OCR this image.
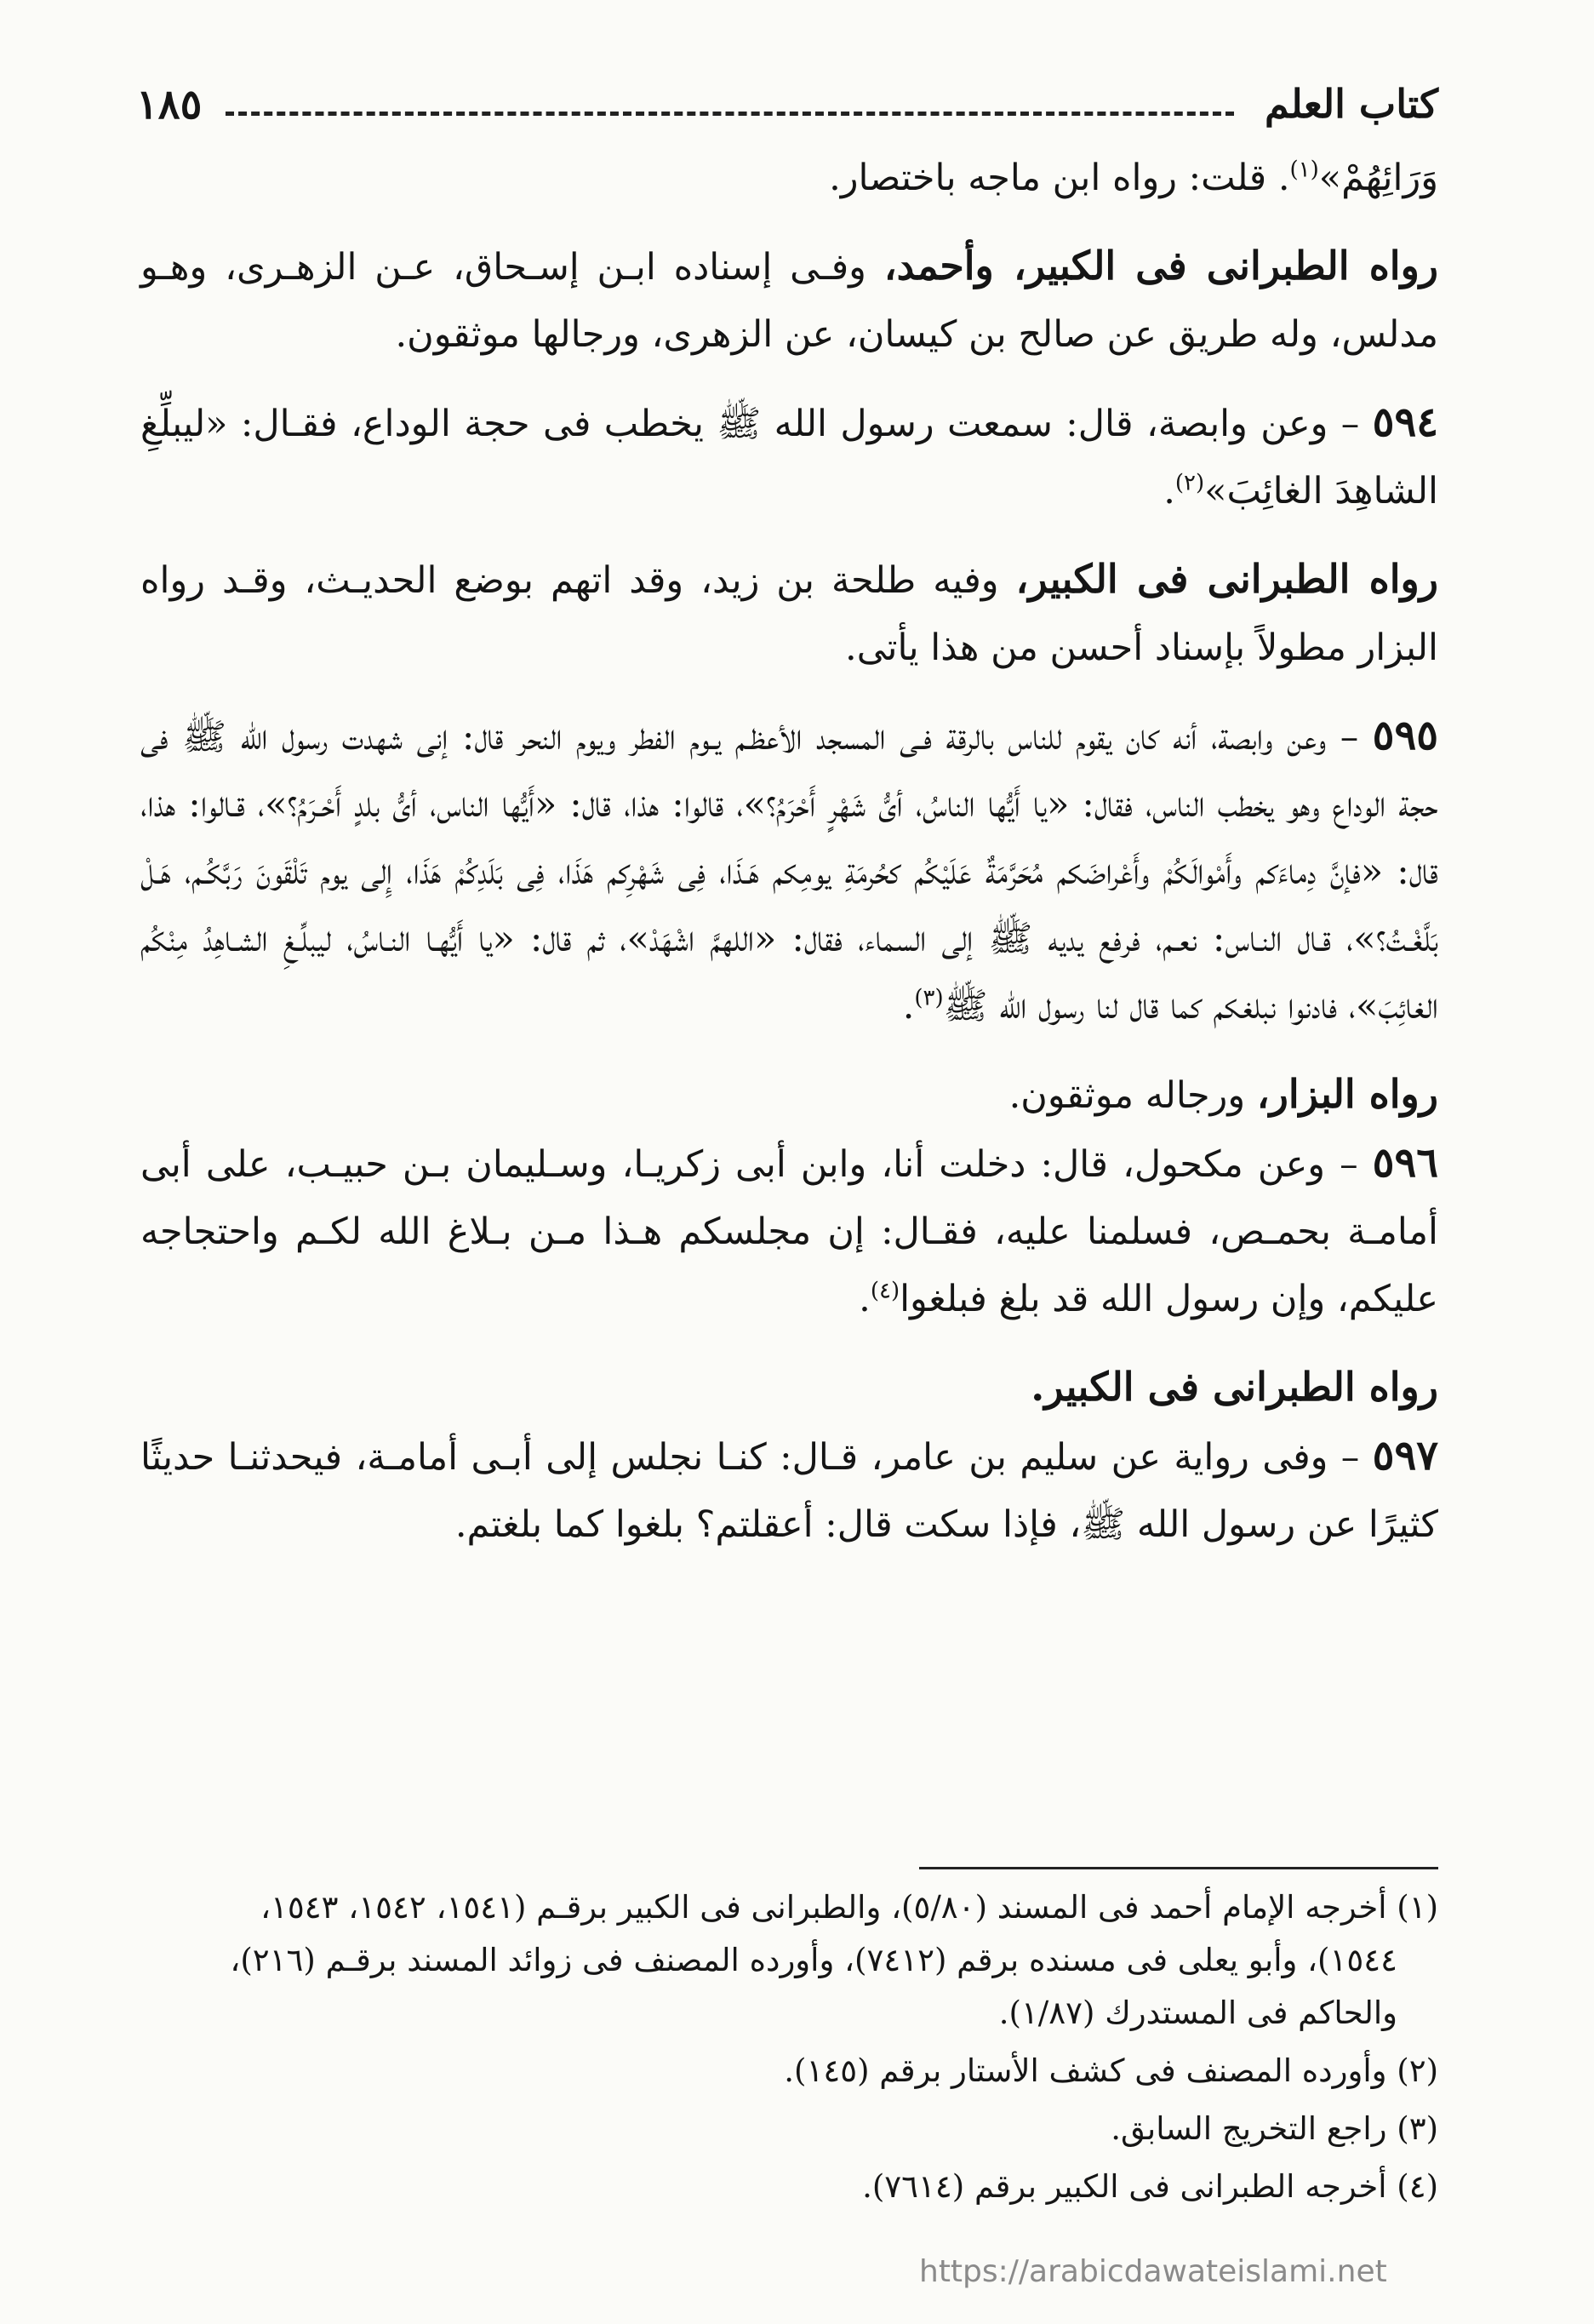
كتاب العلم
١٨٥

وَرَائِهُمْ»$^{(١)}$. قلت: رواه ابن ماجه باختصار.

رواه الطبرانى فى الكبير، وأحمد، وفـى إسناده ابـن إسـحاق، عـن الزهـرى، وهـو مدلس، وله طريق عن صالح بن كيسان، عن الزهرى، ورجالها موثقون.

٥٩٤ – وعن وابصة، قال: سمعت رسول الله ﷺ يخطب فى حجة الوداع، فقـال: «ليبلِّغِ الشاهِدَ الغائِبَ»$^{(٢)}$.

رواه الطبرانى فى الكبير، وفيه طلحة بن زيد، وقد اتهم بوضع الحديـث، وقـد رواه البزار مطولاً بإسناد أحسن من هذا يأتى.

٥٩٥ – وعن وابصة، أنه كان يقوم للناس بالرقة فـى المسجد الأعظـم يـوم الفطر ويوم النحر قال: إنى شهدت رسول الله ﷺ فى حجة الوداع وهو يخطب الناس، فقال: «يا أَيُّها الناسُ، أىُّ شَهْرٍ أَحْرَمُ؟»، قالوا: هذا، قال: «أَيُّها الناس، أىُّ بلدٍ أَحْـرَمُ؟»، قـالوا: هذا، قال: «فإنَّ دِماءَكم وأَمْوالَكُمْ وأَعْراضَكم مُحَرَّمَةٌ عَلَيْكُم كحُرمَةِ يومِكم هَـذَا، فِى شَهْرِكم هَذَا، فِى بَلَدِكُمْ هَذَا، إِلى يوم تَلْقَونَ رَبَّكُـم، هَـلْ بَلَّغْـتُ؟»، قـال النـاس: نعـم، فرفع يديه ﷺ إلى السماء، فقال: «اللهمَّ اشْهَدْ»، ثم قال: «يا أَيُّهـا النـاسُ، ليبلِّـغِ الشـاهِدُ مِنْكُم الغائِبَ»، فادنوا نبلغكم كما قال لنا رسول الله ﷺ$^{(٣)}$.

رواه البزار، ورجاله موثقون.

٥٩٦ – وعن مكحول، قال: دخلت أنا، وابن أبى زكريـا، وسـليمان بـن حبيـب، على أبى أمامـة بحمـص، فسلمنا عليه، فقـال: إن مجلسكم هـذا مـن بـلاغ الله لكـم واحتجاجه عليكم، وإن رسول الله قد بلغ فبلغوا$^{(٤)}$.

رواه الطبرانى فى الكبير.

٥٩٧ – وفى رواية عن سليم بن عامر، قـال: كنـا نجلس إلى أبـى أمامـة، فيحدثنـا حديثًا كثيرًا عن رسول الله ﷺ، فإذا سكت قال: أعقلتم؟ بلغوا كما بلغتم.

(١) أخرجه الإمام أحمد فى المسند (٥/٨٠)، والطبرانى فى الكبير برقـم (١٥٤١، ١٥٤٢، ١٥٤٣،
١٥٤٤)، وأبو يعلى فى مسنده برقم (٧٤١٢)، وأورده المصنف فى زوائد المسند برقـم (٢١٦)،
والحاكم فى المستدرك (١/٨٧).

(٢) وأورده المصنف فى كشف الأستار برقم (١٤٥).

(٣) راجع التخريج السابق.

(٤) أخرجه الطبرانى فى الكبير برقم (٧٦١٤).

https://arabicdawateislami.net
